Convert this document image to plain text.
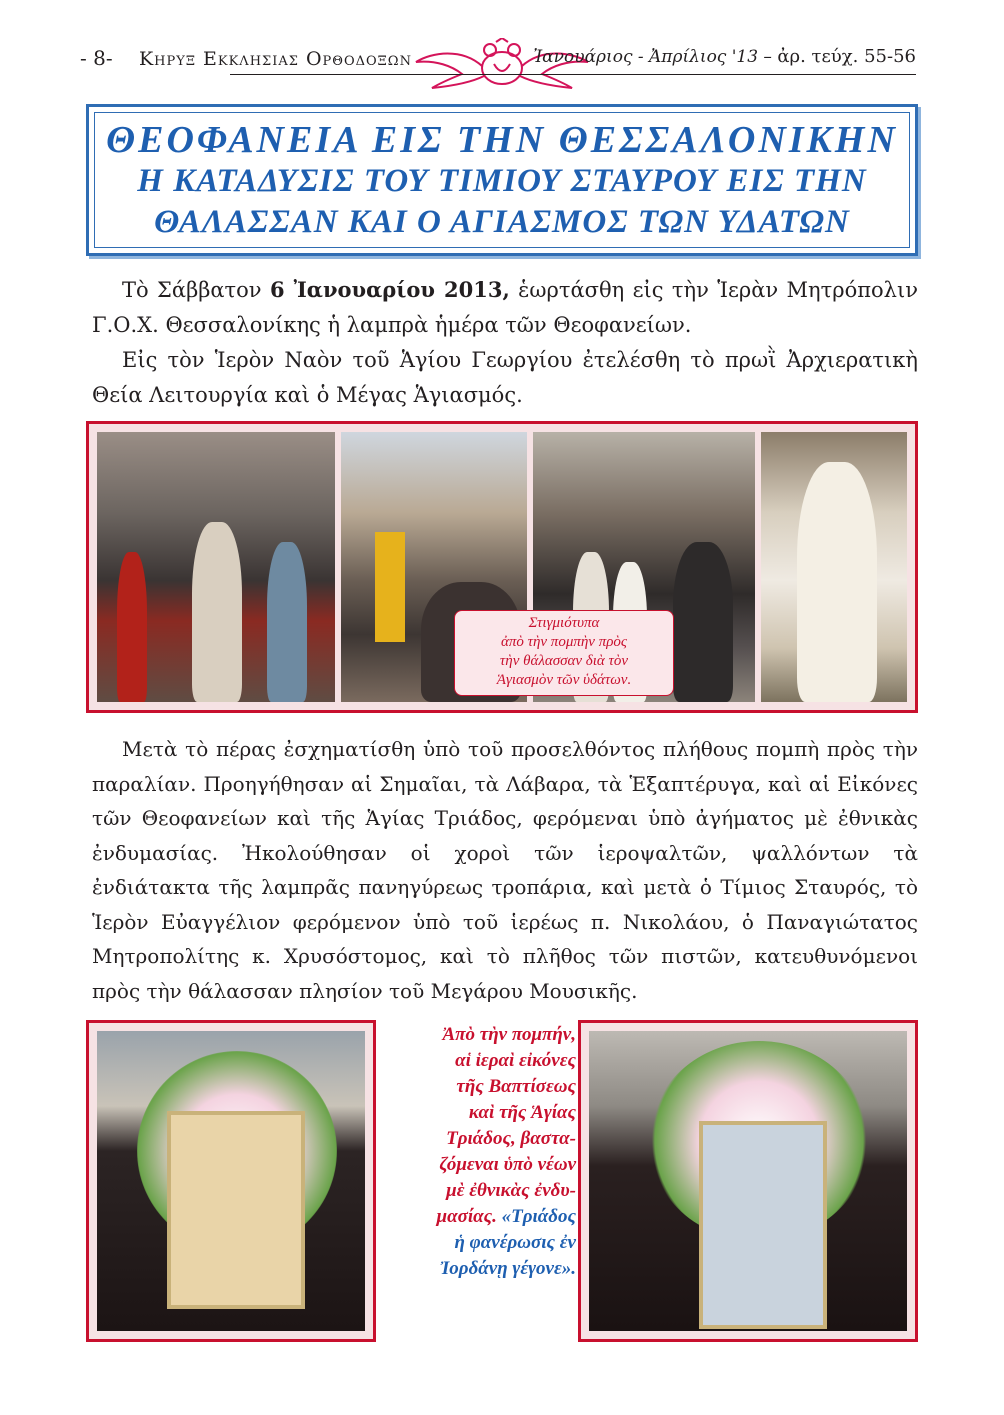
- 8- Κηρυξ Εκκλησιας Ορθοδοξων	Ἰανουάριος - Ἀπρίλιος '13 – ἀρ. τεύχ. 55-56
ΘΕΟΦΑΝΕΙΑ ΕΙΣ ΤΗΝ ΘΕΣΣΑΛΟΝΙΚΗΝ
Η ΚΑΤΑΔΥΣΙΣ ΤΟΥ ΤΙΜΙΟΥ ΣΤΑΥΡΟΥ ΕΙΣ ΤΗΝ
ΘΑΛΑΣΣΑΝ ΚΑΙ Ο ΑΓΙΑΣΜΟΣ ΤΩΝ ΥΔΑΤΩΝ

Τὸ Σάββατον 6 Ἰανουαρίου 2013, ἑωρτάσθη εἰς τὴν Ἱερὰν Μητρόπολιν Γ.Ο.Χ. Θεσσαλονίκης ἡ λαμπρὰ ἡμέρα τῶν Θεοφανείων.

Εἰς τὸν Ἱερὸν Ναὸν τοῦ Ἁγίου Γεωργίου ἐτελέσθη τὸ πρωῒ Ἀρχιερατικὴ Θεία Λειτουργία καὶ ὁ Μέγας Ἁγιασμός.

Στιγμιότυπα
ἀπὸ τὴν πομπὴν πρὸς
τὴν θάλασσαν διὰ τὸν
Ἁγιασμὸν τῶν ὑδάτων.

Μετὰ τὸ πέρας ἐσχηματίσθη ὑπὸ τοῦ προσελθόντος πλήθους πομπὴ πρὸς τὴν παραλίαν. Προηγήθησαν αἱ Σημαῖαι, τὰ Λάβαρα, τὰ Ἑξαπτέρυγα, καὶ αἱ Εἰκόνες τῶν Θεοφανείων καὶ τῆς Ἁγίας Τριάδος, φερόμεναι ὑπὸ ἀγήματος μὲ ἐθνικὰς ἐνδυμασίας. Ἠκολούθησαν οἱ χοροὶ τῶν ἱεροψαλτῶν, ψαλλόντων τὰ ἐνδιάτακτα τῆς λαμπρᾶς πανηγύρεως τροπάρια, καὶ μετὰ ὁ Τίμιος Σταυρός, τὸ Ἱερὸν Εὐαγγέλιον φερόμενον ὑπὸ τοῦ ἱερέως π. Νικολάου, ὁ Παναγιώτατος Μητροπολίτης κ. Χρυσόστομος, καὶ τὸ πλῆθος τῶν πιστῶν, κατευθυνόμενοι πρὸς τὴν θάλασσαν πλησίον τοῦ Μεγάρου Μουσικῆς.

Ἀπὸ τὴν πομπήν,
αἱ ἱεραὶ εἰκόνες
τῆς Βαπτίσεως
καὶ τῆς Ἁγίας
Τριάδος, βαστα-
ζόμεναι ὑπὸ νέων
μὲ ἐθνικὰς ἐνδυ-
μασίας. «Τριάδος
ἡ φανέρωσις ἐν
Ἰορδάνῃ γέγονε».
